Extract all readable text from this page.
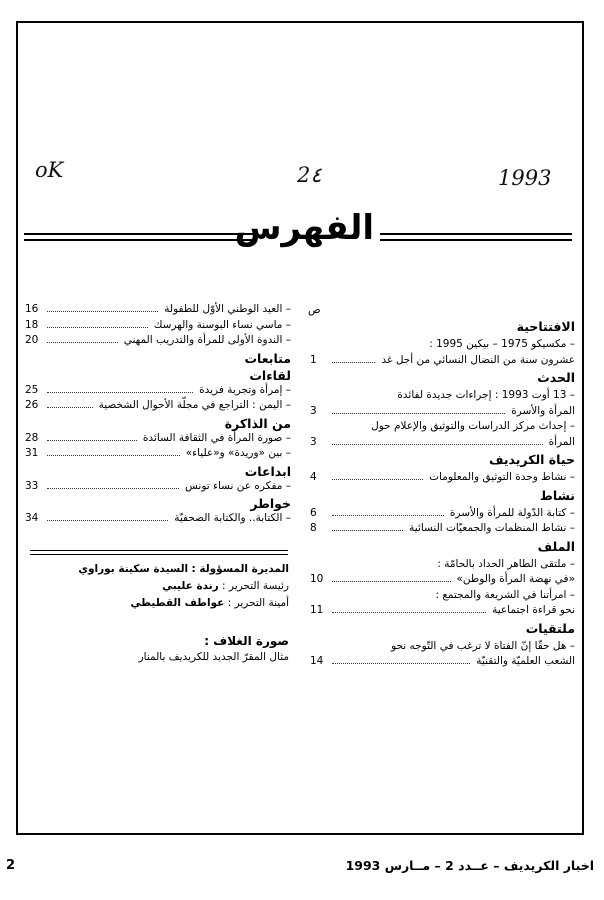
oK	2٤	1993
الفهرس
ص
الافتتاحية
– مكسيكو 1975 – بيكين 1995 :
عشرون سنة من النضال النسائي من أجل غد
1
الحدث
– 13 أوت 1993 : إجراءات جديدة لفائدة
المرأة والأسرة
3
– إحداث مركز الدراسات والتوثيق والإعلام حول
المرأة
3
حياة الكريديف
– نشاط وحدة التوثيق والمعلومات
4
نشاط
– كتابة الدّولة للمرأة والأسرة
6
– نشاط المنظمات والجمعيّات النسائية
8
الملف
– ملتقى الطاهر الحداد بالحامّة :
«في نهضة المرأة والوطن»
10
– امرأتنا في الشريعة والمجتمع :
نحو قراءة اجتماعية
11
ملتقيات
– هل حقّا إنّ الفتاة لا ترغب في التّوجه نحو
الشعب العلميّة والتقنيّة
14
– العيد الوطني الأوّل للطفولة
16
– ماسي نساء البوسنة والهرسك
18
– الندوة الأولى للمرأة والتدريب المهني
20
متابعات
لقاءات
– إمرأة وتجربة فريدة
25
– اليمن : التراجع في مجلّة الأحوال الشخصية
26
من الذاكرة
– صورة المرأة في الثقافة السائدة
28
– بين «وريدة» و«علياء»
31
ابداعات
– مفكره عن نساء تونس
33
خواطر
– الكتابة.. والكتابة الصحفيّة
34
المديرة المسؤولة : السيدة سكينة بوراوي
رئيسة التحرير : رندة عليبي
أمينة التحرير : عواطف القطيطي
صورة الغلاف :
مثال المقرّ الجديد للكريديف بالمنار
2	اخبار الكريديف – عــدد 2 – مــارس 1993
